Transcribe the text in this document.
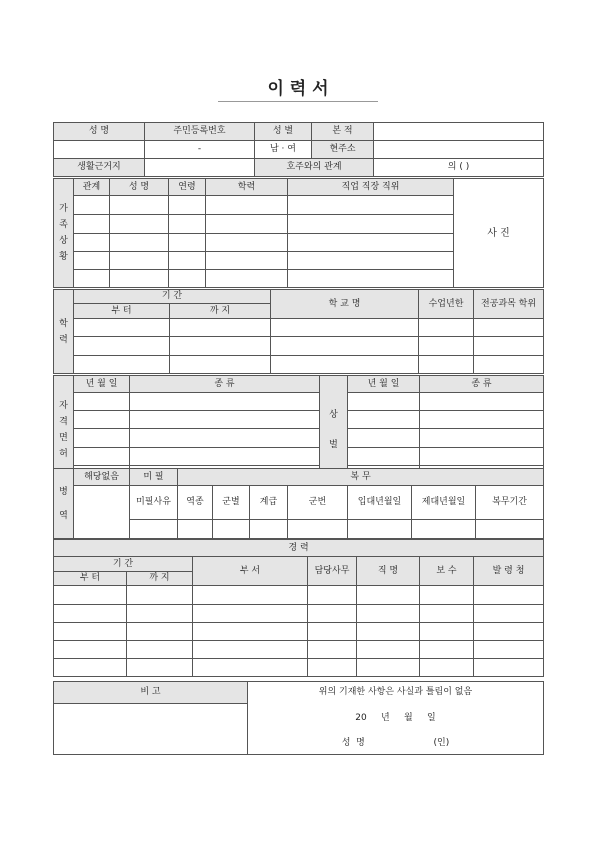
이 력 서
성 명	주민등록번호	성 별	본 적	
	-	남 · 여	현주소	
생활근거지		호주와의 관계		의 ( )
가 족 상 황	관계	성 명	연령	학력	직업 직장 직위	사 진

학 력	기 간		학 교 명	수업년한	전공과목 학위
	부 터	까 지			

자 격 면 허	년 월 일	종 류	상 벌	년 월 일	종 류

병 역	해당없음	미 필	복 무						
		미필사유	역종	군별	계급	군번	입대년월일	제대년월일	복무기간

경 력						
기 간		부 서	담당사무	직 명	보 수	발 령 청
부 터	까 지					

비 고	위의 기재한 사항은 사실과 틀림이 없음
20     년     월     일
성  명                        (인)
